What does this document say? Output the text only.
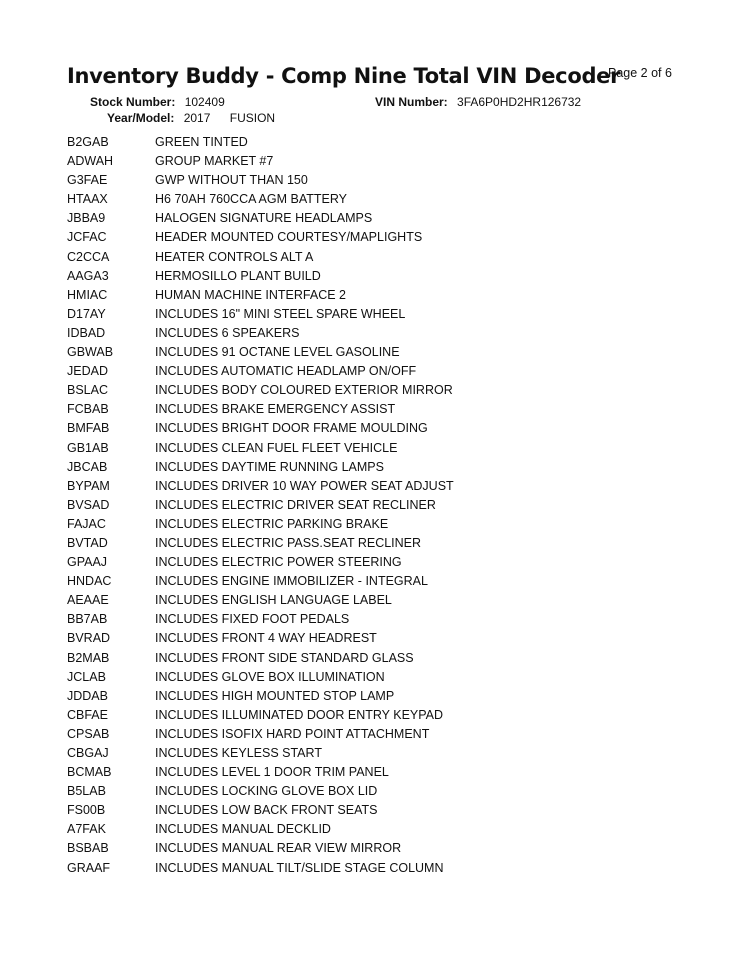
Inventory Buddy - Comp Nine Total VIN Decoder
Page 2 of 6
Stock Number: 102409	VIN Number: 3FA6P0HD2HR126732
Year/Model: 2017 FUSION
B2GAB	GREEN TINTED
ADWAH	GROUP MARKET #7
G3FAE	GWP WITHOUT THAN 150
HTAAX	H6 70AH 760CCA AGM BATTERY
JBBA9	HALOGEN SIGNATURE HEADLAMPS
JCFAC	HEADER MOUNTED COURTESY/MAPLIGHTS
C2CCA	HEATER CONTROLS ALT A
AAGA3	HERMOSILLO PLANT BUILD
HMIAC	HUMAN MACHINE INTERFACE 2
D17AY	INCLUDES 16" MINI STEEL SPARE WHEEL
IDBAD	INCLUDES 6 SPEAKERS
GBWAB	INCLUDES 91 OCTANE LEVEL GASOLINE
JEDAD	INCLUDES AUTOMATIC HEADLAMP ON/OFF
BSLAC	INCLUDES BODY COLOURED EXTERIOR MIRROR
FCBAB	INCLUDES BRAKE EMERGENCY ASSIST
BMFAB	INCLUDES BRIGHT DOOR FRAME MOULDING
GB1AB	INCLUDES CLEAN FUEL FLEET VEHICLE
JBCAB	INCLUDES DAYTIME RUNNING LAMPS
BYPAM	INCLUDES DRIVER 10 WAY POWER SEAT ADJUST
BVSAD	INCLUDES ELECTRIC DRIVER SEAT RECLINER
FAJAC	INCLUDES ELECTRIC PARKING BRAKE
BVTAD	INCLUDES ELECTRIC PASS.SEAT RECLINER
GPAAJ	INCLUDES ELECTRIC POWER STEERING
HNDAC	INCLUDES ENGINE IMMOBILIZER - INTEGRAL
AEAAE	INCLUDES ENGLISH LANGUAGE LABEL
BB7AB	INCLUDES FIXED FOOT PEDALS
BVRAD	INCLUDES FRONT 4 WAY HEADREST
B2MAB	INCLUDES FRONT SIDE STANDARD GLASS
JCLAB	INCLUDES GLOVE BOX ILLUMINATION
JDDAB	INCLUDES HIGH MOUNTED STOP LAMP
CBFAE	INCLUDES ILLUMINATED DOOR ENTRY KEYPAD
CPSAB	INCLUDES ISOFIX HARD POINT ATTACHMENT
CBGAJ	INCLUDES KEYLESS START
BCMAB	INCLUDES LEVEL 1 DOOR TRIM PANEL
B5LAB	INCLUDES LOCKING GLOVE BOX LID
FS00B	INCLUDES LOW BACK FRONT SEATS
A7FAK	INCLUDES MANUAL DECKLID
BSBAB	INCLUDES MANUAL REAR VIEW MIRROR
GRAAF	INCLUDES MANUAL TILT/SLIDE STAGE COLUMN
